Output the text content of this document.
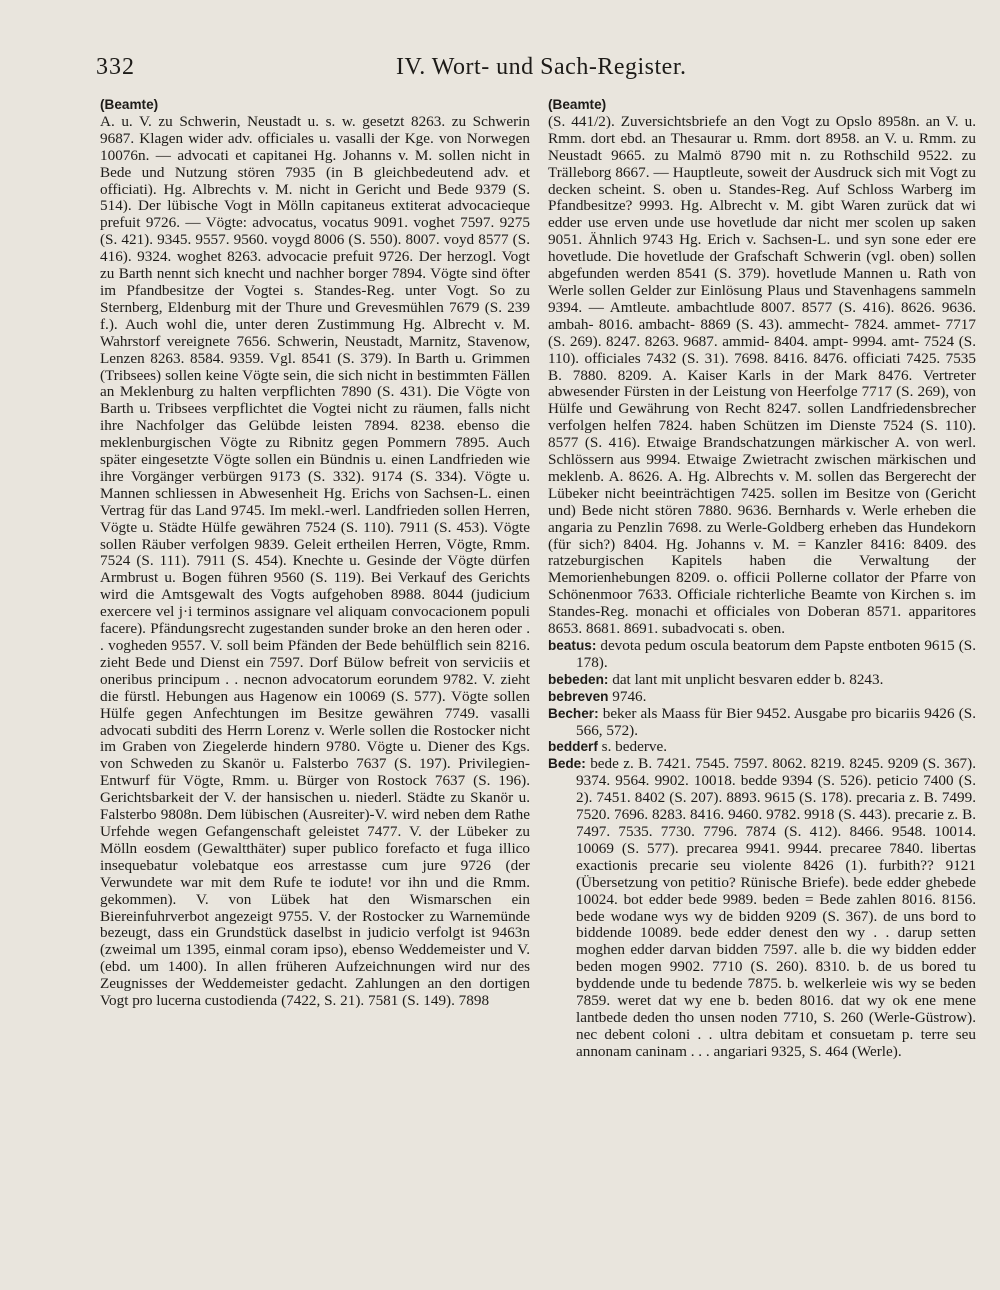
332	IV. Wort- und Sach-Register.

(Beamte)

A. u. V. zu Schwerin, Neustadt u. s. w. gesetzt 8263. zu Schwerin 9687. Klagen wider adv. officiales u. vasalli der Kge. von Norwegen 10076n. — advocati et capitanei Hg. Johanns v. M. sollen nicht in Bede und Nutzung stören 7935 (in B gleichbedeutend adv. et officiati). Hg. Albrechts v. M. nicht in Gericht und Bede 9379 (S. 514). Der lübische Vogt in Mölln capitaneus extiterat advocacieque prefuit 9726. — Vögte: advocatus, vocatus 9091. voghet 7597. 9275 (S. 421). 9345. 9557. 9560. voygd 8006 (S. 550). 8007. voyd 8577 (S. 416). 9324. woghet 8263. advocacie prefuit 9726. Der herzogl. Vogt zu Barth nennt sich knecht und nachher borger 7894. Vögte sind öfter im Pfandbesitze der Vogtei s. Standes-Reg. unter Vogt. So zu Sternberg, Eldenburg mit der Thure und Grevesmühlen 7679 (S. 239 f.). Auch wohl die, unter deren Zustimmung Hg. Albrecht v. M. Wahrstorf vereignete 7656. Schwerin, Neustadt, Marnitz, Stavenow, Lenzen 8263. 8584. 9359. Vgl. 8541 (S. 379). In Barth u. Grimmen (Tribsees) sollen keine Vögte sein, die sich nicht in bestimmten Fällen an Meklenburg zu halten verpflichten 7890 (S. 431). Die Vögte von Barth u. Tribsees verpflichtet die Vogtei nicht zu räumen, falls nicht ihre Nachfolger das Gelübde leisten 7894. 8238. ebenso die meklenburgischen Vögte zu Ribnitz gegen Pommern 7895. Auch später eingesetzte Vögte sollen ein Bündnis u. einen Landfrieden wie ihre Vorgänger verbürgen 9173 (S. 332). 9174 (S. 334). Vögte u. Mannen schliessen in Abwesenheit Hg. Erichs von Sachsen-L. einen Vertrag für das Land 9745. Im mekl.-werl. Landfrieden sollen Herren, Vögte u. Städte Hülfe gewähren 7524 (S. 110). 7911 (S. 453). Vögte sollen Räuber verfolgen 9839. Geleit ertheilen Herren, Vögte, Rmm. 7524 (S. 111). 7911 (S. 454). Knechte u. Gesinde der Vögte dürfen Armbrust u. Bogen führen 9560 (S. 119). Bei Verkauf des Gerichts wird die Amtsgewalt des Vogts aufgehoben 8988. 8044 (judicium exercere vel j·i terminos assignare vel aliquam convocacionem populi facere). Pfändungsrecht zugestanden sunder broke an den heren oder . . vogheden 9557. V. soll beim Pfänden der Bede behülflich sein 8216. zieht Bede und Dienst ein 7597. Dorf Bülow befreit von serviciis et oneribus principum . . necnon advocatorum eorundem 9782. V. zieht die fürstl. Hebungen aus Hagenow ein 10069 (S. 577). Vögte sollen Hülfe gegen Anfechtungen im Besitze gewähren 7749. vasalli advocati subditi des Herrn Lorenz v. Werle sollen die Rostocker nicht im Graben von Ziegelerde hindern 9780. Vögte u. Diener des Kgs. von Schweden zu Skanör u. Falsterbo 7637 (S. 197). Privilegien-Entwurf für Vögte, Rmm. u. Bürger von Rostock 7637 (S. 196). Gerichtsbarkeit der V. der hansischen u. niederl. Städte zu Skanör u. Falsterbo 9808n. Dem lübischen (Ausreiter)-V. wird neben dem Rathe Urfehde wegen Gefangenschaft geleistet 7477. V. der Lübeker zu Mölln eosdem (Gewaltthäter) super publico forefacto et fuga illico insequebatur volebatque eos arrestasse cum jure 9726 (der Verwundete war mit dem Rufe te iodute! vor ihn und die Rmm. gekommen). V. von Lübek hat den Wismarschen ein Biereinfuhrverbot angezeigt 9755. V. der Rostocker zu Warnemünde bezeugt, dass ein Grundstück daselbst in judicio verfolgt ist 9463n (zweimal um 1395, einmal coram ipso), ebenso Weddemeister und V. (ebd. um 1400). In allen früheren Aufzeichnungen wird nur des Zeugnisses der Weddemeister gedacht. Zahlungen an den dortigen Vogt pro lucerna custodienda (7422, S. 21). 7581 (S. 149). 7898

(Beamte)

(S. 441/2). Zuversichtsbriefe an den Vogt zu Opslo 8958n. an V. u. Rmm. dort ebd. an Thesaurar u. Rmm. dort 8958. an V. u. Rmm. zu Neustadt 9665. zu Malmö 8790 mit n. zu Rothschild 9522. zu Trälleborg 8667. — Hauptleute, soweit der Ausdruck sich mit Vogt zu decken scheint. S. oben u. Standes-Reg. Auf Schloss Warberg im Pfandbesitze? 9993. Hg. Albrecht v. M. gibt Waren zurück dat wi edder use erven unde use hovetlude dar nicht mer scolen up saken 9051. Ähnlich 9743 Hg. Erich v. Sachsen-L. und syn sone eder ere hovetlude. Die hovetlude der Grafschaft Schwerin (vgl. oben) sollen abgefunden werden 8541 (S. 379). hovetlude Mannen u. Rath von Werle sollen Gelder zur Einlösung Plaus und Stavenhagens sammeln 9394. — Amtleute. ambachtlude 8007. 8577 (S. 416). 8626. 9636. ambah- 8016. ambacht- 8869 (S. 43). ammecht- 7824. ammet- 7717 (S. 269). 8247. 8263. 9687. ammid- 8404. ampt- 9994. amt- 7524 (S. 110). officiales 7432 (S. 31). 7698. 8416. 8476. officiati 7425. 7535 B. 7880. 8209. A. Kaiser Karls in der Mark 8476. Vertreter abwesender Fürsten in der Leistung von Heerfolge 7717 (S. 269), von Hülfe und Gewährung von Recht 8247. sollen Landfriedensbrecher verfolgen helfen 7824. haben Schützen im Dienste 7524 (S. 110). 8577 (S. 416). Etwaige Brandschatzungen märkischer A. von werl. Schlössern aus 9994. Etwaige Zwietracht zwischen märkischen und meklenb. A. 8626. A. Hg. Albrechts v. M. sollen das Bergerecht der Lübeker nicht beeinträchtigen 7425. sollen im Besitze von (Gericht und) Bede nicht stören 7880. 9636. Bernhards v. Werle erheben die angaria zu Penzlin 7698. zu Werle-Goldberg erheben das Hundekorn (für sich?) 8404. Hg. Johanns v. M. = Kanzler 8416: 8409. des ratzeburgischen Kapitels haben die Verwaltung der Memorienhebungen 8209. o. officii Pollerne collator der Pfarre von Schönenmoor 7633. Officiale richterliche Beamte von Kirchen s. im Standes-Reg. monachi et officiales von Doberan 8571. apparitores 8653. 8681. 8691. subadvocati s. oben.

beatus: devota pedum oscula beatorum dem Papste entboten 9615 (S. 178).

bebeden: dat lant mit unplicht besvaren edder b. 8243.

bebreven 9746.

Becher: beker als Maass für Bier 9452. Ausgabe pro bicariis 9426 (S. 566, 572).

bedderf s. bederve.

Bede: bede z. B. 7421. 7545. 7597. 8062. 8219. 8245. 9209 (S. 367). 9374. 9564. 9902. 10018. bedde 9394 (S. 526). peticio 7400 (S. 2). 7451. 8402 (S. 207). 8893. 9615 (S. 178). precaria z. B. 7499. 7520. 7696. 8283. 8416. 9460. 9782. 9918 (S. 443). precarie z. B. 7497. 7535. 7730. 7796. 7874 (S. 412). 8466. 9548. 10014. 10069 (S. 577). precarea 9941. 9944. precaree 7840. libertas exactionis precarie seu violente 8426 (1). furbith?? 9121 (Übersetzung von petitio? Rünische Briefe). bede edder ghebede 10024. bot edder bede 9989. beden = Bede zahlen 8016. 8156. bede wodane wys wy de bidden 9209 (S. 367). de uns bord to biddende 10089. bede edder denest den wy . . darup setten moghen edder darvan bidden 7597. alle b. die wy bidden edder beden mogen 9902. 7710 (S. 260). 8310. b. de us bored tu byddende unde tu bedende 7875. b. welkerleie wis wy se beden 7859. weret dat wy ene b. beden 8016. dat wy ok ene mene lantbede deden tho unsen noden 7710, S. 260 (Werle-Güstrow). nec debent coloni . . ultra debitam et consuetam p. terre seu annonam caninam . . . angariari 9325, S. 464 (Werle).
